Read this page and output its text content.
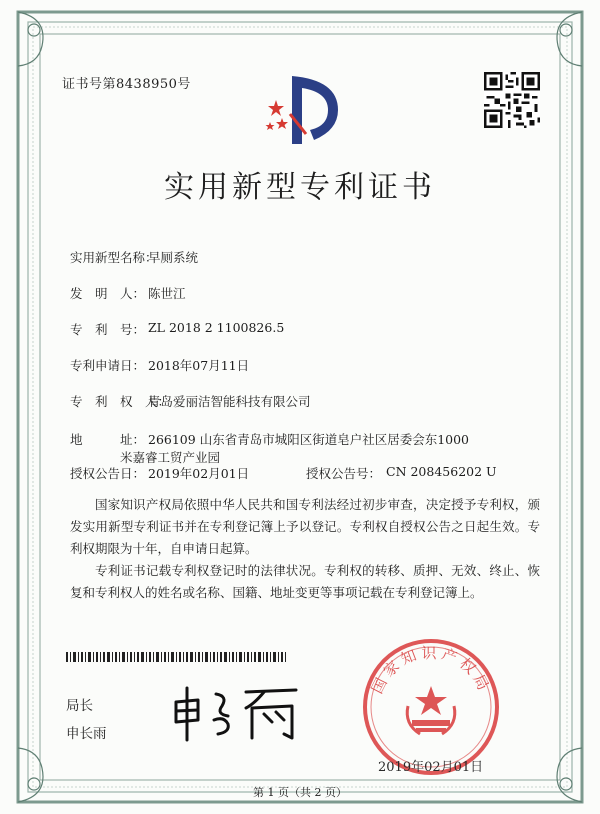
证书号第8438950号
实用新型专利证书
实用新型名称：
早厕系统
发　明　人： 陈世江
专　利　号： ZL 2018 2 1100826.5
专利申请日： 2018年07月11日
专　利　权　人：
青岛爱丽洁智能科技有限公司
地　　　址： 266109 山东省青岛市城阳区街道皂户社区居委会东1000
米嘉睿工贸产业园
授权公告日： 2019年02月01日	授权公告号： CN 208456202 U
国家知识产权局依照中华人民共和国专利法经过初步审查，决定授予专利权，颁发实用新型专利证书并在专利登记簿上予以登记。专利权自授权公告之日起生效。专利权期限为十年，自申请日起算。
专利证书记载专利权登记时的法律状况。专利权的转移、质押、无效、终止、恢复和专利权人的姓名或名称、国籍、地址变更等事项记载在专利登记簿上。
局长
申长雨
国家知识产权局
2019年02月01日
第 1 页（共 2 页）
